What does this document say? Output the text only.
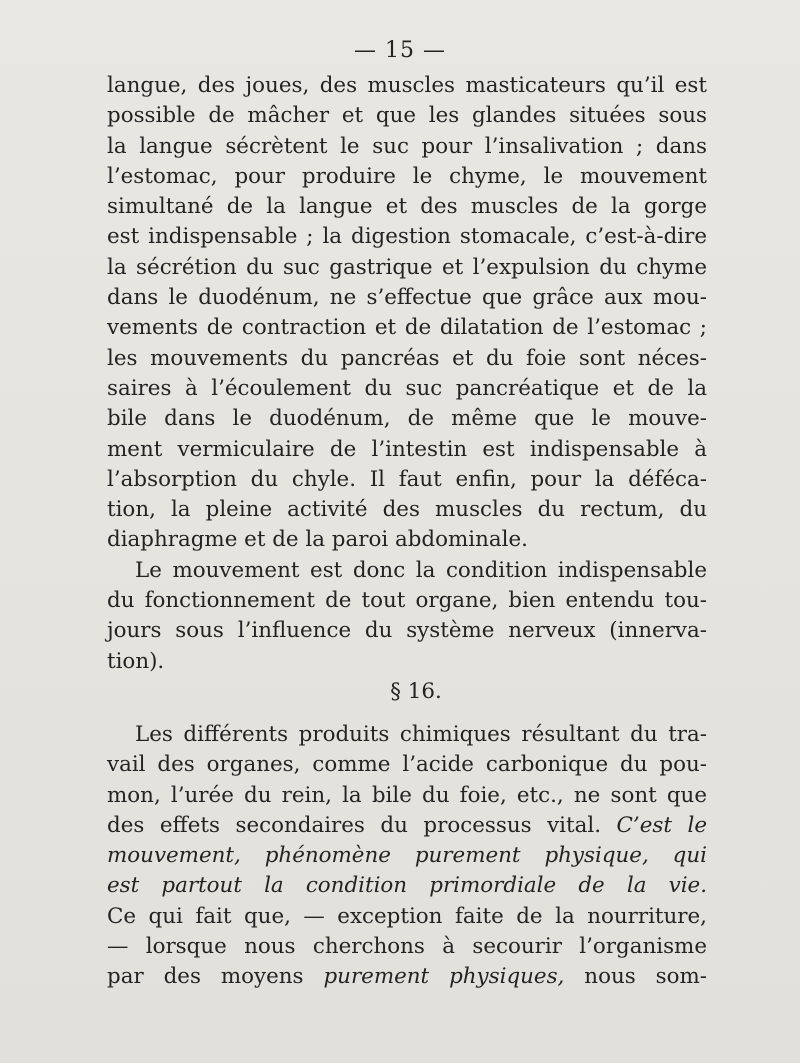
— 15 —
langue, des joues, des muscles masticateurs qu’il est
possible de mâcher et que les glandes situées sous
la langue sécrètent le suc pour l’insalivation ; dans
l’estomac, pour produire le chyme, le mouvement
simultané de la langue et des muscles de la gorge
est indispensable ; la digestion stomacale, c’est-à-dire
la sécrétion du suc gastrique et l’expulsion du chyme
dans le duodénum, ne s’effectue que grâce aux mou-
vements de contraction et de dilatation de l’estomac ;
les mouvements du pancréas et du foie sont néces-
saires à l’écoulement du suc pancréatique et de la
bile dans le duodénum, de même que le mouve-
ment vermiculaire de l’intestin est indispensable à
l’absorption du chyle. Il faut enfin, pour la déféca-
tion, la pleine activité des muscles du rectum, du
diaphragme et de la paroi abdominale.
Le mouvement est donc la condition indispensable
du fonctionnement de tout organe, bien entendu tou-
jours sous l’influence du système nerveux (innerva-
tion).
§ 16.
Les différents produits chimiques résultant du tra-
vail des organes, comme l’acide carbonique du pou-
mon, l’urée du rein, la bile du foie, etc., ne sont que
des effets secondaires du processus vital. C’est le
mouvement, phénomène purement physique, qui
est partout la condition primordiale de la vie.
Ce qui fait que, — exception faite de la nourriture,
— lorsque nous cherchons à secourir l’organisme
par des moyens purement physiques, nous som-
